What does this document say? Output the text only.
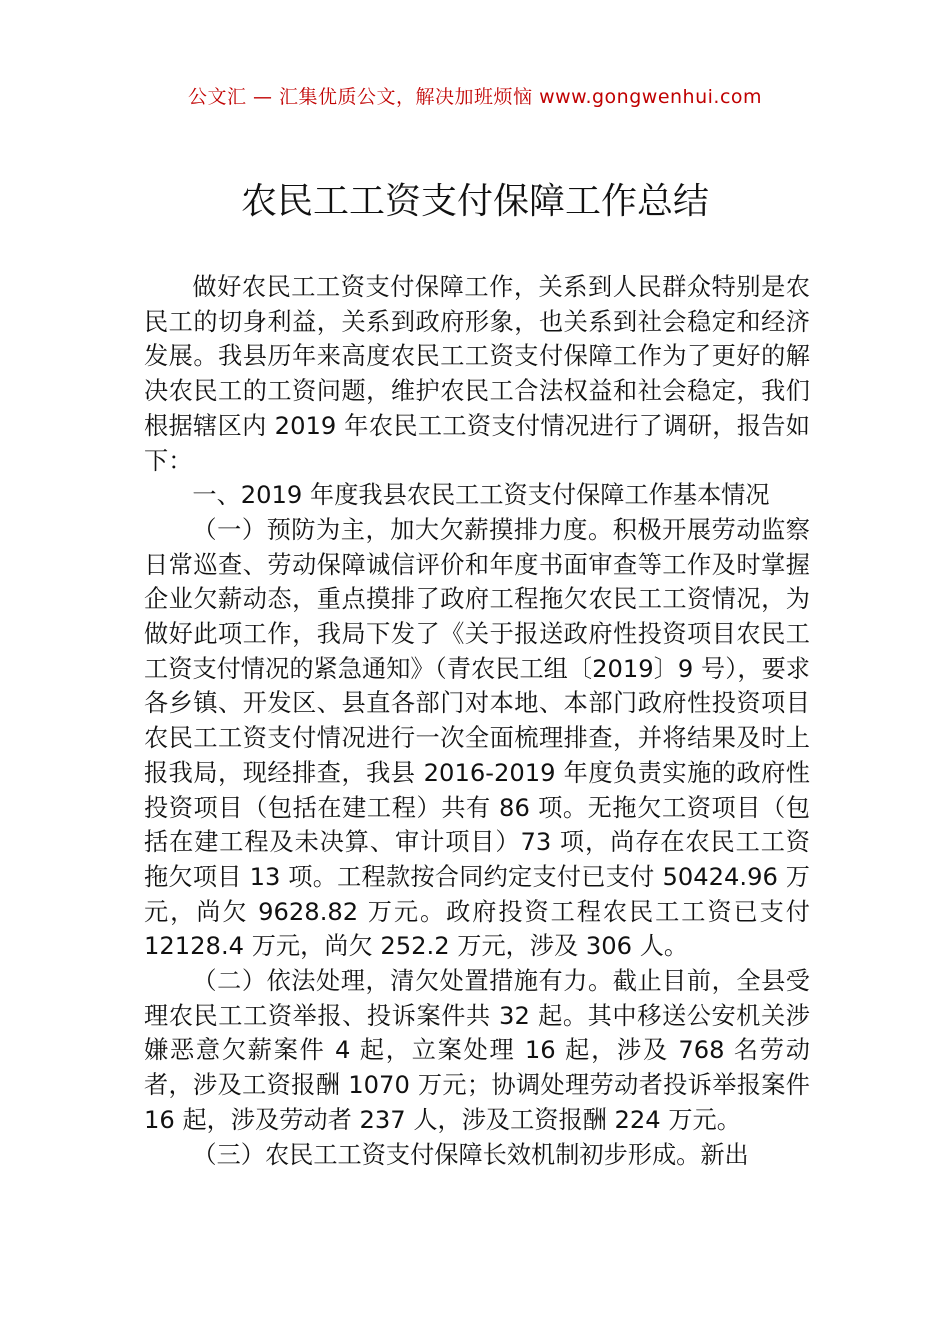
公文汇 — 汇集优质公文，解决加班烦恼 www.gongwenhui.com
农民工工资支付保障工作总结

做好农民工工资支付保障工作，关系到人民群众特别是农民工的切身利益，关系到政府形象，也关系到社会稳定和经济发展。我县历年来高度农民工工资支付保障工作为了更好的解决农民工的工资问题，维护农民工合法权益和社会稳定，我们根据辖区内 2019 年农民工工资支付情况进行了调研，报告如下：

一、2019 年度我县农民工工资支付保障工作基本情况

（一）预防为主，加大欠薪摸排力度。积极开展劳动监察日常巡查、劳动保障诚信评价和年度书面审查等工作及时掌握企业欠薪动态，重点摸排了政府工程拖欠农民工工资情况，为做好此项工作，我局下发了《关于报送政府性投资项目农民工工资支付情况的紧急通知》（青农民工组〔2019〕9 号），要求各乡镇、开发区、县直各部门对本地、本部门政府性投资项目农民工工资支付情况进行一次全面梳理排查，并将结果及时上报我局，现经排查，我县 2016-2019 年度负责实施的政府性投资项目（包括在建工程）共有 86 项。无拖欠工资项目（包括在建工程及未决算、审计项目）73 项，尚存在农民工工资拖欠项目 13 项。工程款按合同约定支付已支付 50424.96 万元，尚欠 9628.82 万元。政府投资工程农民工工资已支付 12128.4 万元，尚欠 252.2 万元，涉及 306 人。

（二）依法处理，清欠处置措施有力。截止目前，全县受理农民工工资举报、投诉案件共 32 起。其中移送公安机关涉嫌恶意欠薪案件 4 起，立案处理 16 起，涉及 768 名劳动者，涉及工资报酬 1070 万元；协调处理劳动者投诉举报案件 16 起，涉及劳动者 237 人，涉及工资报酬 224 万元。

（三）农民工工资支付保障长效机制初步形成。新出
